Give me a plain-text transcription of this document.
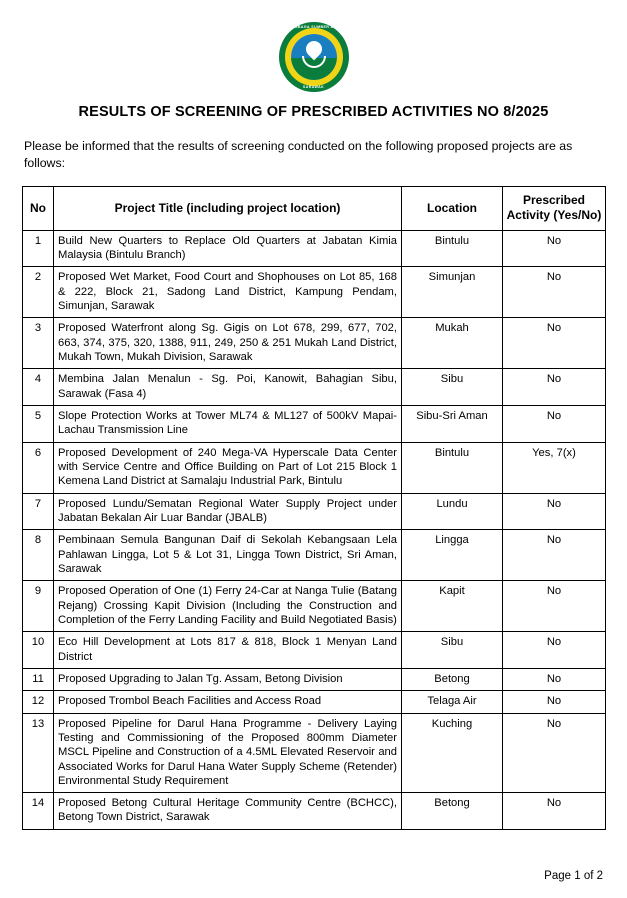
LEMBAGA SUMBER AIR
SARAWAK
RESULTS OF SCREENING OF PRESCRIBED ACTIVITIES NO 8/2025

Please be informed that the results of screening conducted on the following proposed projects are as follows:

No	Project Title (including project location)	Location	Prescribed Activity (Yes/No)
1	Build New Quarters to Replace Old Quarters at Jabatan Kimia Malaysia (Bintulu Branch)	Bintulu	No
2	Proposed Wet Market, Food Court and Shophouses on Lot 85, 168 & 222, Block 21, Sadong Land District, Kampung Pendam, Simunjan, Sarawak	Simunjan	No
3	Proposed Waterfront along Sg. Gigis on Lot 678, 299, 677, 702, 663, 374, 375, 320, 1388, 911, 249, 250 & 251 Mukah Land District, Mukah Town, Mukah Division, Sarawak	Mukah	No
4	Membina Jalan Menalun - Sg. Poi, Kanowit, Bahagian Sibu, Sarawak (Fasa 4)	Sibu	No
5	Slope Protection Works at Tower ML74 & ML127 of 500kV Mapai-Lachau Transmission Line	Sibu-Sri Aman	No
6	Proposed Development of 240 Mega-VA Hyperscale Data Center with Service Centre and Office Building on Part of Lot 215 Block 1 Kemena Land District at Samalaju Industrial Park, Bintulu	Bintulu	Yes, 7(x)
7	Proposed Lundu/Sematan Regional Water Supply Project under Jabatan Bekalan Air Luar Bandar (JBALB)	Lundu	No
8	Pembinaan Semula Bangunan Daif di Sekolah Kebangsaan Lela Pahlawan Lingga, Lot 5 & Lot 31, Lingga Town District, Sri Aman, Sarawak	Lingga	No
9	Proposed Operation of One (1) Ferry 24-Car at Nanga Tulie (Batang Rejang) Crossing Kapit Division (Including the Construction and Completion of the Ferry Landing Facility and Build Negotiated Basis)	Kapit	No
10	Eco Hill Development at Lots 817 & 818, Block 1 Menyan Land District	Sibu	No
11	Proposed Upgrading to Jalan Tg. Assam, Betong Division	Betong	No
12	Proposed Trombol Beach Facilities and Access Road	Telaga Air	No
13	Proposed Pipeline for Darul Hana Programme - Delivery Laying Testing and Commissioning of the Proposed 800mm Diameter MSCL Pipeline and Construction of a 4.5ML Elevated Reservoir and Associated Works for Darul Hana Water Supply Scheme (Retender) Environmental Study Requirement	Kuching	No
14	Proposed Betong Cultural Heritage Community Centre (BCHCC), Betong Town District, Sarawak	Betong	No
Page 1 of 2
